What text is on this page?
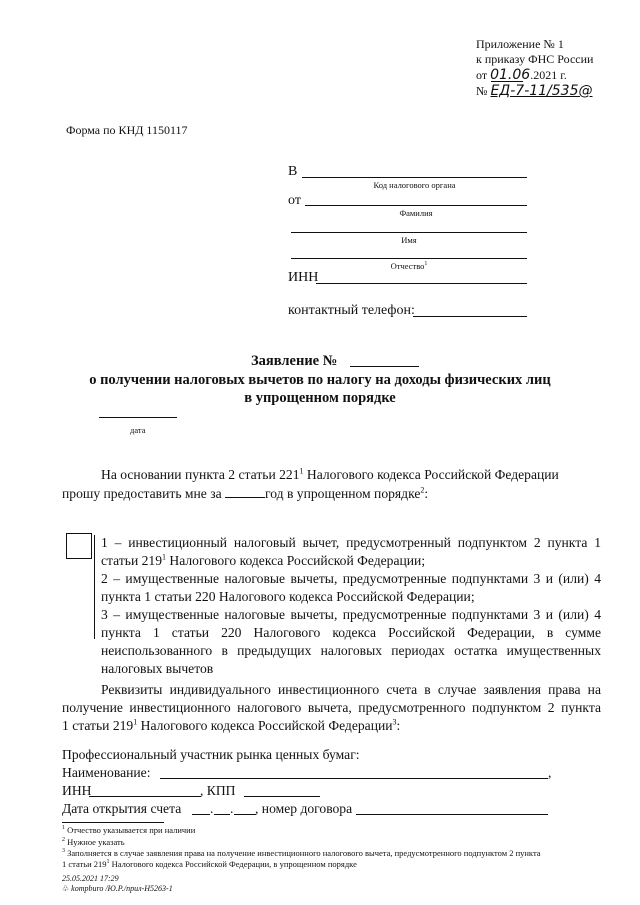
Приложение № 1
к приказу ФНС России
от 01.06.2021 г.
№ ЕД-7-11/535@
Форма по КНД 1150117
В
Код налогового органа
от
Фамилия
Имя
Отчество$^1$
ИНН
контактный телефон:
Заявление №
о получении налоговых вычетов по налогу на доходы физических лиц
в упрощенном порядке
дата
На основании пункта 2 статьи $221^1$ Налогового кодекса Российской Федерации
прошу предоставить мне за	год в упрощенном порядке$^2$:
1 – инвестиционный налоговый вычет, предусмотренный подпунктом 2 пункта 1
статьи $219^1$ Налогового кодекса Российской Федерации;
2 – имущественные налоговые вычеты, предусмотренные подпунктами 3 и (или) 4
пункта 1 статьи 220 Налогового кодекса Российской Федерации;
3 – имущественные налоговые вычеты, предусмотренные подпунктами 3 и (или) 4
пункта 1 статьи 220 Налогового кодекса Российской Федерации, в сумме
неиспользованного в предыдущих налоговых периодах остатка имущественных
налоговых вычетов
Реквизиты индивидуального инвестиционного счета в случае заявления права на
получение инвестиционного налогового вычета, предусмотренного подпунктом 2 пункта
1 статьи $219^1$ Налогового кодекса Российской Федерации$^3$:
Профессиональный участник рынка ценных бумаг:
Наименование:	,
ИНН	, КПП
Дата открытия счета . . , номер договора
$^1$ Отчество указывается при наличии
$^2$ Нужное указать
$^3$ Заполняется в случае заявления права на получение инвестиционного налогового вычета, предусмотренного подпунктом 2 пункта
1 статьи $219^1$ Налогового кодекса Российской Федерации, в упрощенном порядке
25.05.2021 17:29
♧ kompburo /Ю.Р./прил-Н5263-1
